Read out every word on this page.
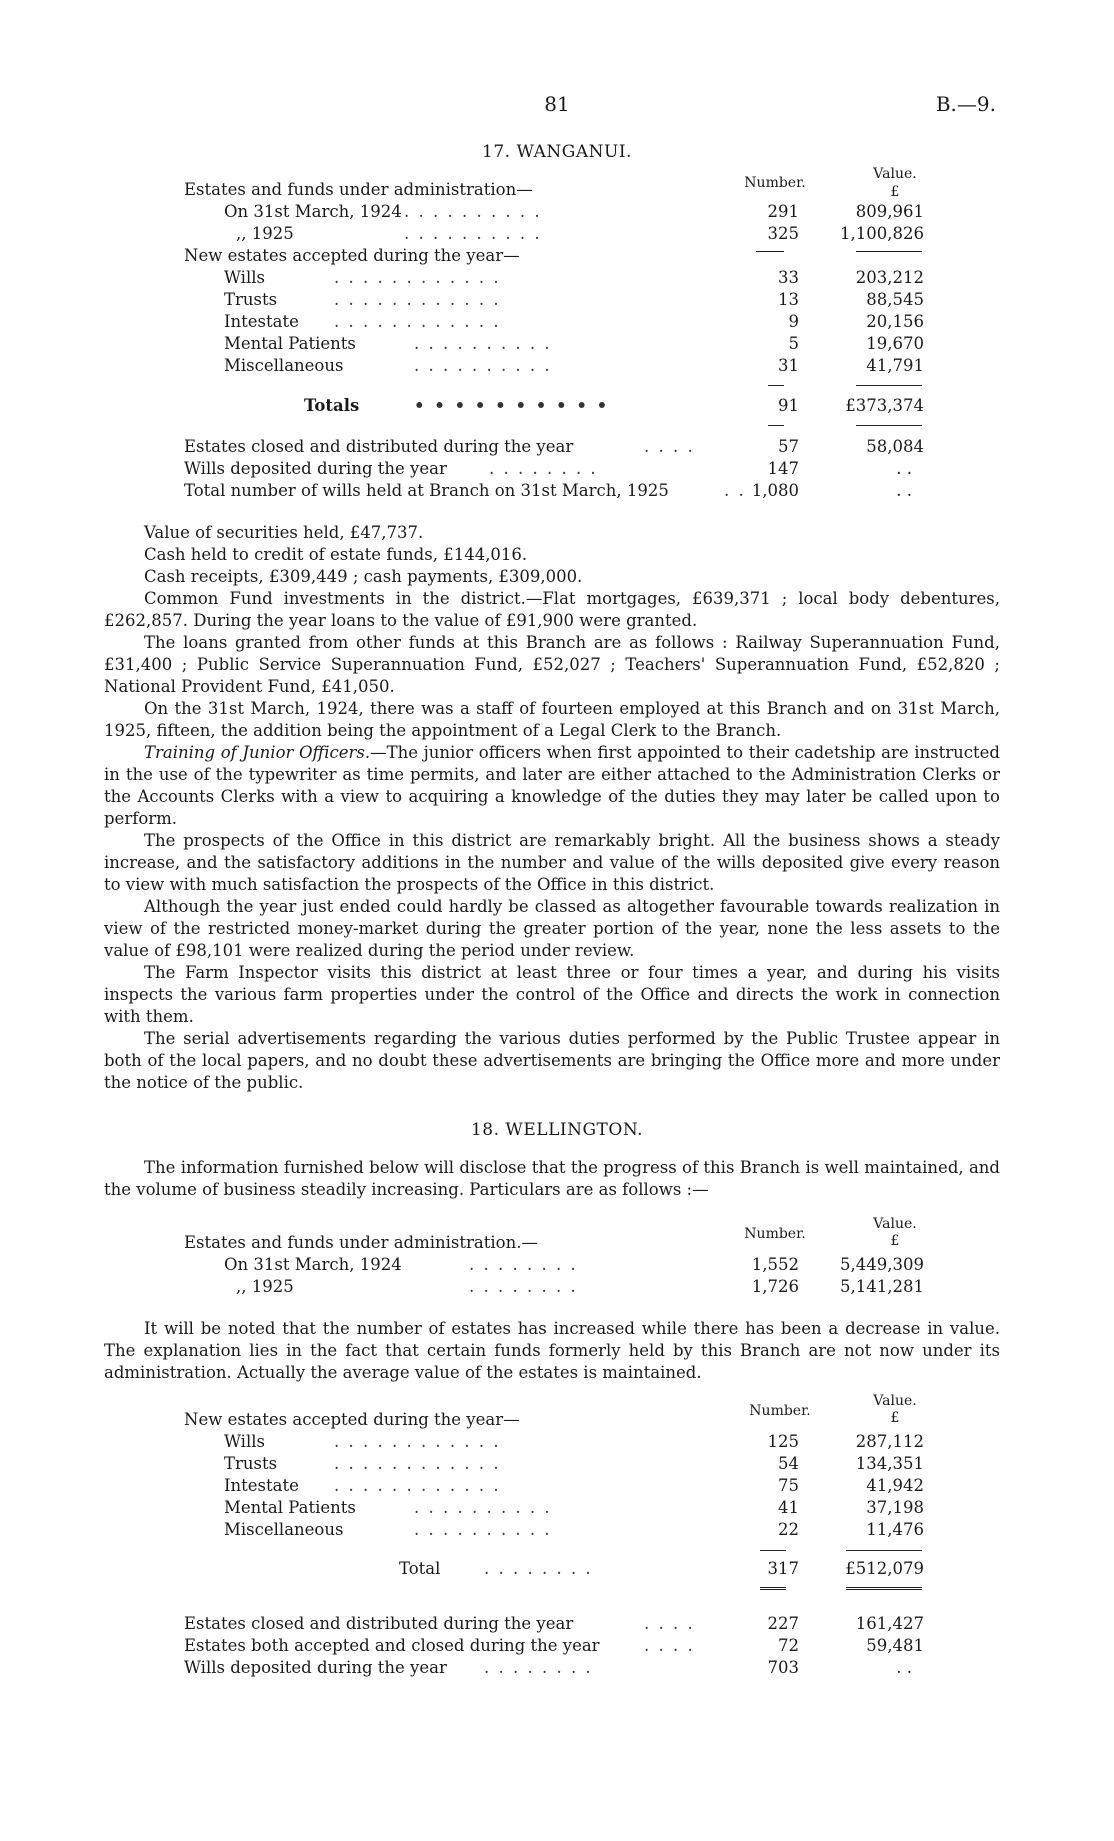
81	B.—9.
17. WANGANUI.
Number.
Value.
£
Estates and funds under administration—
On 31st March, 1924 . . . . . . . . . .	291	809,961
,, 1925	. . . . . . . . . .	325 1,100,826
New estates accepted during the year—
Wills	. . . . . . . . . . . .	33	203,212
Trusts	. . . . . . . . . . . .	13	88,545
Intestate . . . . . . . . . . . .	9	20,156
Mental Patients	. . . . . . . . . .	5	19,670
Miscellaneous	. . . . . . . . . .	31	41,791
Totals	• • • • • • • • • •	91	£373,374
Estates closed and distributed during the year	. . . .	57	58,084
Wills deposited during the year	. . . . . . . .	147	. .
Total number of wills held at Branch on 31st March, 1925	. . 1,080	. .

Value of securities held, £47,737.

Cash held to credit of estate funds, £144,016.

Cash receipts, £309,449 ; cash payments, £309,000.

Common Fund investments in the district.—Flat mortgages, £639,371 ; local body debentures, £262,857. During the year loans to the value of £91,900 were granted.

The loans granted from other funds at this Branch are as follows : Railway Superannuation Fund, £31,400 ; Public Service Superannuation Fund, £52,027 ; Teachers' Superannuation Fund, £52,820 ; National Provident Fund, £41,050.

On the 31st March, 1924, there was a staff of fourteen employed at this Branch and on 31st March, 1925, fifteen, the addition being the appointment of a Legal Clerk to the Branch.

Training of Junior Officers.—The junior officers when first appointed to their cadetship are instructed in the use of the typewriter as time permits, and later are either attached to the Administration Clerks or the Accounts Clerks with a view to acquiring a knowledge of the duties they may later be called upon to perform.

The prospects of the Office in this district are remarkably bright. All the business shows a steady increase, and the satisfactory additions in the number and value of the wills deposited give every reason to view with much satisfaction the prospects of the Office in this district.

Although the year just ended could hardly be classed as altogether favourable towards realization in view of the restricted money-market during the greater portion of the year, none the less assets to the value of £98,101 were realized during the period under review.

The Farm Inspector visits this district at least three or four times a year, and during his visits inspects the various farm properties under the control of the Office and directs the work in connection with them.

The serial advertisements regarding the various duties performed by the Public Trustee appear in both of the local papers, and no doubt these advertisements are bringing the Office more and more under the notice of the public.

18. WELLINGTON.

The information furnished below will disclose that the progress of this Branch is well maintained, and the volume of business steadily increasing. Particulars are as follows :—

Number.
Value.
£
Estates and funds under administration.—
On 31st March, 1924	. . . . . . . .	1,552 5,449,309
,, 1925	. . . . . . . .	1,726 5,141,281

It will be noted that the number of estates has increased while there has been a decrease in value. The explanation lies in the fact that certain funds formerly held by this Branch are not now under its administration. Actually the average value of the estates is maintained.

Number.
Value.
£
New estates accepted during the year—
Wills	. . . . . . . . . . . .	125	287,112
Trusts	. . . . . . . . . . . .	54	134,351
Intestate . . . . . . . . . . . .	75	41,942
Mental Patients	. . . . . . . . . .	41	37,198
Miscellaneous	. . . . . . . . . .	22	11,476
Total	. . . . . . . .	317	£512,079
Estates closed and distributed during the year	. . . .	227	161,427
Estates both accepted and closed during the year	. . . .	72	59,481
Wills deposited during the year . . . . . . . .	703	. .
